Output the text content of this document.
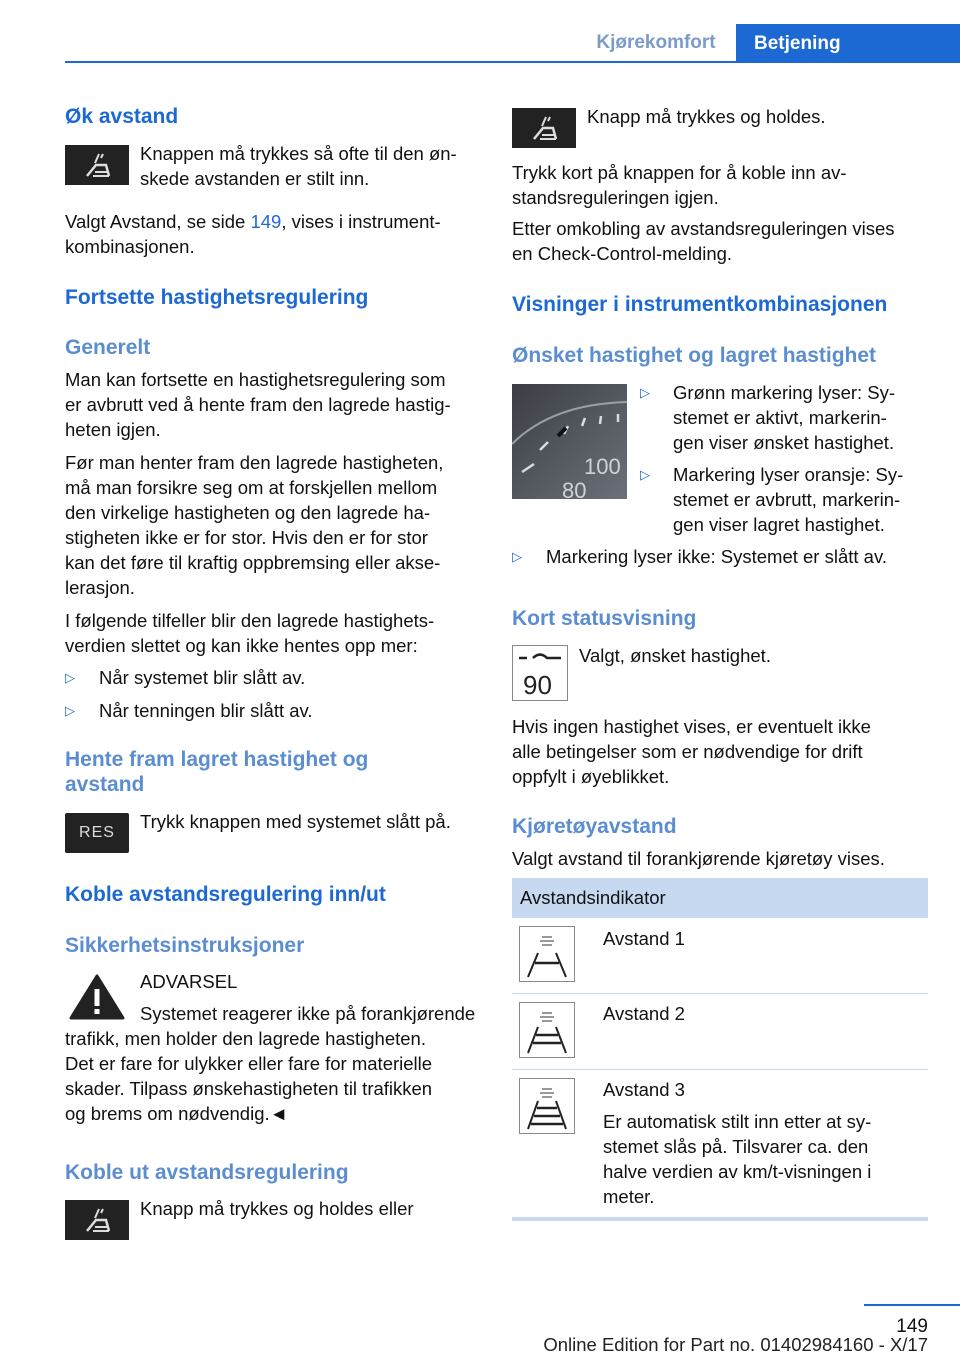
Kjørekomfort	Betjening
Øk avstand
Knappen må trykkes så ofte til den øn-
skede avstanden er stilt inn.
Valgt Avstand, se side 149, vises i instrument-
kombinasjonen.
Fortsette hastighetsregulering
Generelt
Man kan fortsette en hastighetsregulering som
er avbrutt ved å hente fram den lagrede hastig-
heten igjen.
Før man henter fram den lagrede hastigheten,
må man forsikre seg om at forskjellen mellom
den virkelige hastigheten og den lagrede ha-
stigheten ikke er for stor. Hvis den er for stor
kan det føre til kraftig oppbremsing eller akse-
lerasjon.
I følgende tilfeller blir den lagrede hastighets-
verdien slettet og kan ikke hentes opp mer:
▷ Når systemet blir slått av.
▷ Når tenningen blir slått av.
Hente fram lagret hastighet og
avstand
RES
Trykk knappen med systemet slått på.
Koble avstandsregulering inn/ut
Sikkerhetsinstruksjoner
ADVARSEL
Systemet reagerer ikke på forankjørende
trafikk, men holder den lagrede hastigheten.
Det er fare for ulykker eller fare for materielle
skader. Tilpass ønskehastigheten til trafikken
og brems om nødvendig.◄
Koble ut avstandsregulering
Knapp må trykkes og holdes eller
Knapp må trykkes og holdes.
Trykk kort på knappen for å koble inn av-
standsreguleringen igjen.
Etter omkobling av avstandsreguleringen vises
en Check-Control-melding.
Visninger i instrumentkombinasjonen
Ønsket hastighet og lagret hastighet
100
80
▷ Grønn markering lyser: Sy-
stemet er aktivt, markerin-
gen viser ønsket hastighet.
▷ Markering lyser oransje: Sy-
stemet er avbrutt, markerin-
gen viser lagret hastighet.
▷ Markering lyser ikke: Systemet er slått av.
Kort statusvisning
90
Valgt, ønsket hastighet.
Hvis ingen hastighet vises, er eventuelt ikke
alle betingelser som er nødvendige for drift
oppfylt i øyeblikket.
Kjøretøyavstand
Valgt avstand til forankjørende kjøretøy vises.
Avstandsindikator
Avstand 1
Avstand 2
Avstand 3
Er automatisk stilt inn etter at sy-
stemet slås på. Tilsvarer ca. den
halve verdien av km/t-visningen i
meter.
149
Online Edition for Part no. 01402984160 - X/17
